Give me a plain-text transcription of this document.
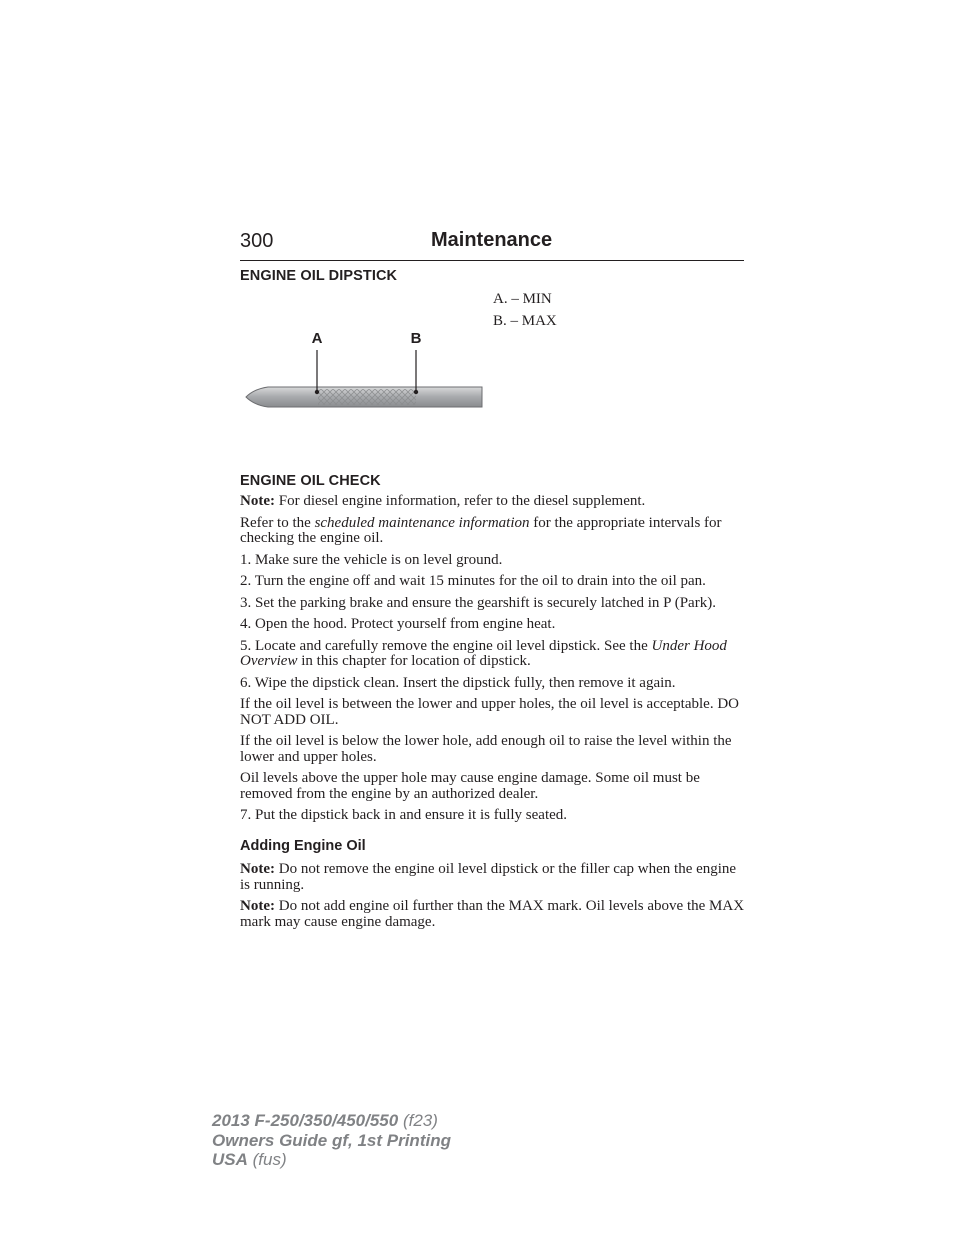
300	Maintenance
ENGINE OIL DIPSTICK
A. – MIN
B. – MAX
A	B
ENGINE OIL CHECK

Note: For diesel engine information, refer to the diesel supplement.

Refer to the scheduled maintenance information for the appropriate intervals for checking the engine oil.

1. Make sure the vehicle is on level ground.

2. Turn the engine off and wait 15 minutes for the oil to drain into the oil pan.

3. Set the parking brake and ensure the gearshift is securely latched in P (Park).

4. Open the hood. Protect yourself from engine heat.

5. Locate and carefully remove the engine oil level dipstick. See the Under Hood Overview in this chapter for location of dipstick.

6. Wipe the dipstick clean. Insert the dipstick fully, then remove it again.

If the oil level is between the lower and upper holes, the oil level is acceptable. DO NOT ADD OIL.

If the oil level is below the lower hole, add enough oil to raise the level within the lower and upper holes.

Oil levels above the upper hole may cause engine damage. Some oil must be removed from the engine by an authorized dealer.

7. Put the dipstick back in and ensure it is fully seated.

Adding Engine Oil

Note: Do not remove the engine oil level dipstick or the filler cap when the engine is running.

Note: Do not add engine oil further than the MAX mark. Oil levels above the MAX mark may cause engine damage.

2013 F-250/350/450/550 (f23)
Owners Guide gf, 1st Printing
USA (fus)
